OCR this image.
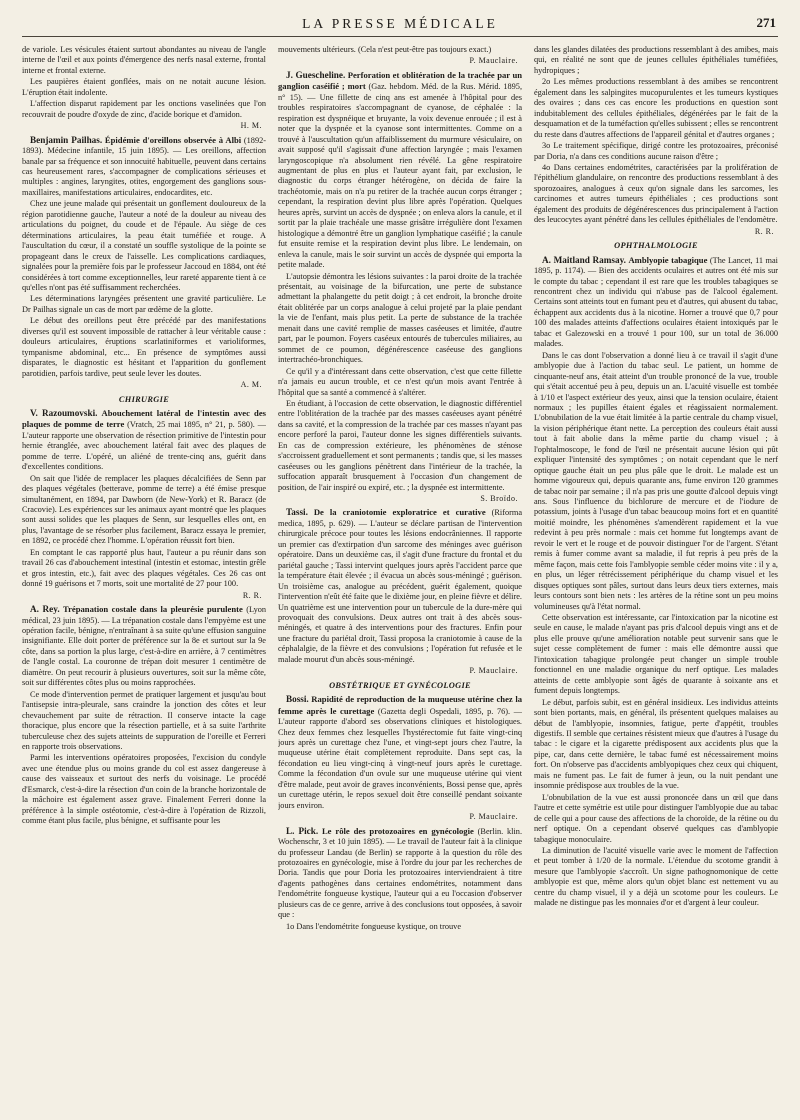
LA PRESSE MÉDICALE	271

de variole. Les vésicules étaient surtout abondantes au niveau de l'angle interne de l'œil et aux points d'émergence des nerfs nasal externe, frontal interne et frontal externe.

Les paupières étaient gonflées, mais on ne notait aucune lésion. L'éruption était indolente.

L'affection disparut rapidement par les onctions vaselinées que l'on recouvrait de poudre d'oxyde de zinc, d'acide borique et d'amidon.

H. M.

Benjamin Pailhas. Épidémie d'oreillons observée à Albi (1892-1893). Médecine infantile, 15 juin 1895). — Les oreillons, affection banale par sa fréquence et son innocuité habituelle, peuvent dans certains cas heureusement rares, s'accompagner de complications sérieuses et multiples : angines, laryngites, otites, engorgement des ganglions sous-maxillaires, manifestations articulaires, endocardites, etc.

Chez une jeune malade qui présentait un gonflement douloureux de la région parotidienne gauche, l'auteur a noté de la douleur au niveau des articulations du poignet, du coude et de l'épaule. Au siège de ces déterminations articulaires, la peau était tuméfiée et rouge. A l'auscultation du cœur, il a constaté un souffle systolique de la pointe se propageant dans le creux de l'aisselle. Les complications cardiaques, signalées pour la première fois par le professeur Jaccoud en 1884, ont été considérées à tort comme exceptionnelles, leur rareté apparente tient à ce qu'elles n'ont pas été suffisamment recherchées.

Les déterminations laryngées présentent une gravité particulière. Le Dr Pailhas signale un cas de mort par œdème de la glotte.

Le début des oreillons peut être précédé par des manifestations diverses qu'il est souvent impossible de rattacher à leur véritable cause : douleurs articulaires, éruptions scarlatiniformes et varioliformes, tympanisme abdominal, etc... En présence de symptômes aussi disparates, le diagnostic est hésitant et l'apparition du gonflement parotidien, parfois tardive, peut seule lever les doutes.

A. M.
CHIRURGIE

V. Razoumovski. Abouchement latéral de l'intestin avec des plaques de pomme de terre (Vratch, 25 mai 1895, n° 21, p. 580). — L'auteur rapporte une observation de résection primitive de l'intestin pour hernie étranglée, avec abouchement latéral fait avec des plaques de pomme de terre. L'opéré, un aliéné de trente-cinq ans, guérit dans d'excellentes conditions.

On sait que l'idée de remplacer les plaques décalcifiées de Senn par des plaques végétales (betterave, pomme de terre) a été émise presque simultanément, en 1894, par Dawborn (de New-York) et R. Baracz (de Cracovie). Les expériences sur les animaux ayant montré que les plaques sont aussi solides que les plaques de Senn, sur lesquelles elles ont, en plus, l'avantage de se résorber plus facilement, Baracz essaya le premier, en 1892, ce procédé chez l'homme. L'opération réussit fort bien.

En comptant le cas rapporté plus haut, l'auteur a pu réunir dans son travail 26 cas d'abouchement intestinal (intestin et estomac, intestin grêle et gros intestin, etc.), fait avec des plaques végétales. Ces 26 cas ont donné 19 guérisons et 7 morts, soit une mortalité de 27 pour 100.

R. R.

A. Rey. Trépanation costale dans la pleurésie purulente (Lyon médical, 23 juin 1895). — La trépanation costale dans l'empyème est une opération facile, bénigne, n'entraînant à sa suite qu'une effusion sanguine insignifiante. Elle doit porter de préférence sur la 8e et surtout sur la 9e côte, dans sa portion la plus large, c'est-à-dire en arrière, à 7 centimètres de l'angle costal. La couronne de trépan doit mesurer 1 centimètre de diamètre. On peut recourir à plusieurs ouvertures, soit sur la même côte, soit sur différentes côtes plus ou moins rapprochées.

Ce mode d'intervention permet de pratiquer largement et jusqu'au bout l'antisepsie intra-pleurale, sans craindre la jonction des côtes et leur chevauchement par suite de rétraction. Il conserve intacte la cage thoracique, plus encore que la résection partielle, et à sa suite l'arthrite tuberculeuse chez des sujets atteints de suppuration de l'oreille et Ferreri en rapporte trois observations.

Parmi les interventions opératoires proposées, l'excision du condyle avec une étendue plus ou moins grande du col est assez dangereuse à cause des vaisseaux et surtout des nerfs du voisinage. Le procédé d'Esmarck, c'est-à-dire la résection d'un coin de la branche horizontale de la mâchoire est également assez grave. Finalement Ferreri donne la préférence à la simple ostéotomie, c'est-à-dire à l'opération de Rizzoli, comme étant plus facile, plus bénigne, et suffisante pour les

mouvements ultérieurs. (Cela n'est peut-être pas toujours exact.)

P. Mauclaire.

J. Guescheline. Perforation et oblitération de la trachée par un ganglion caséifié ; mort (Gaz. hebdom. Méd. de la Rus. Mérid. 1895, n° 15). — Une fillette de cinq ans est amenée à l'hôpital pour des troubles respiratoires s'accompagnant de cyanose, de céphalée : la respiration est dyspnéique et bruyante, la voix devenue enrouée ; il est à noter que la dyspnée et la cyanose sont intermittentes. Comme on a trouvé à l'auscultation qu'un affaiblissement du murmure vésiculaire, on avait supposé qu'il s'agissait d'une affection laryngée ; mais l'examen laryngoscopique n'a absolument rien révélé. La gêne respiratoire augmentant de plus en plus et l'auteur ayant fait, par exclusion, le diagnostic du corps étranger hétérogène, on décida de faire la trachéotomie, mais on n'a pu retirer de la trachée aucun corps étranger ; cependant, la respiration devint plus libre après l'opération. Quelques heures après, survint un accès de dyspnée ; on enleva alors la canule, et il sortit par la plaie trachéale une masse grisâtre irrégulière dont l'examen histologique a démontré être un ganglion lymphatique caséifié ; la canule fut ensuite remise et la respiration devint plus libre. Le lendemain, on enleva la canule, mais le soir survint un accès de dyspnée qui emporta la petite malade.

L'autopsie démontra les lésions suivantes : la paroi droite de la trachée présentait, au voisinage de la bifurcation, une perte de substance admettant la phalangette du petit doigt ; à cet endroit, la bronche droite était oblitérée par un corps analogue à celui projeté par la plaie pendant la vie de l'enfant, mais plus petit. La perte de substance de la trachée menait dans une cavité remplie de masses caséeuses et limitée, d'autre part, par le poumon. Foyers caséeux entourés de tubercules miliaires, au sommet de ce poumon, dégénérescence caséeuse des ganglions intertrachéo-bronchiques.

Ce qu'il y a d'intéressant dans cette observation, c'est que cette fillette n'a jamais eu aucun trouble, et ce n'est qu'un mois avant l'entrée à l'hôpital que sa santé a commencé à s'altérer.

En étudiant, à l'occasion de cette observation, le diagnostic différentiel entre l'oblitération de la trachée par des masses caséeuses ayant pénétré dans sa cavité, et la compression de la trachée par ces masses n'ayant pas encore perforé la paroi, l'auteur donne les signes différentiels suivants. En cas de compression extérieure, les phénomènes de sténose s'accroissent graduellement et sont permanents ; tandis que, si les masses caséeuses ou les ganglions pénètrent dans l'intérieur de la trachée, la suffocation apparaît brusquement à l'occasion d'un changement de position, de l'air inspiré ou expiré, etc. ; la dyspnée est intermittente.

S. Broïdo.

Tassi. De la craniotomie exploratrice et curative (Riforma medica, 1895, p. 629). — L'auteur se déclare partisan de l'intervention chirurgicale précoce pour toutes les lésions endocrâniennes. Il rapporte un premier cas d'extirpation d'un sarcome des méninges avec guérison opératoire. Dans un deuxième cas, il s'agit d'une fracture du frontal et du pariétal gauche ; Tassi intervint quelques jours après l'accident parce que la température était élevée ; il évacua un abcès sous-méningé ; guérison. Un troisième cas, analogue au précédent, guérit également, quoique l'intervention n'eût été faite que le dixième jour, en pleine fièvre et délire. Un quatrième est une intervention pour un tubercule de la dure-mère qui provoquait des convulsions. Deux autres ont trait à des abcès sous-méningés, et quatre à des interventions pour des fractures. Enfin pour une fracture du pariétal droit, Tassi proposa la craniotomie à cause de la céphalalgie, de la fièvre et des convulsions ; l'opération fut refusée et le malade mourut d'un abcès sous-méningé.

P. Mauclaire.
OBSTÉTRIQUE ET GYNÉCOLOGIE

Bossi. Rapidité de reproduction de la muqueuse utérine chez la femme après le curettage (Gazetta degli Ospedali, 1895, p. 76). — L'auteur rapporte d'abord ses observations cliniques et histologiques. Chez deux femmes chez lesquelles l'hystérectomie fut faite vingt-cinq jours après un curettage chez l'une, et vingt-sept jours chez l'autre, la muqueuse utérine était complètement reproduite. Dans sept cas, la fécondation eu lieu vingt-cinq à vingt-neuf jours après le curettage. Comme la fécondation d'un ovule sur une muqueuse utérine qui vient d'être malade, peut avoir de graves inconvénients, Bossi pense que, après un curettage utérin, le repos sexuel doit être conseillé pendant soixante jours environ.

P. Mauclaire.

L. Pick. Le rôle des protozoaires en gynécologie (Berlin. klin. Wochenschr, 3 et 10 juin 1895). — Le travail de l'auteur fait à la clinique du professeur Landau (de Berlin) se rapporte à la question du rôle des protozoaires en gynécologie, mise à l'ordre du jour par les recherches de Doria. Tandis que pour Doria les protozoaires interviendraient à titre d'agents pathogènes dans certaines endométrites, notamment dans l'endométrite fongueuse kystique, l'auteur qui a eu l'occasion d'observer plusieurs cas de ce genre, arrive à des conclusions tout opposées, à savoir que :

1o Dans l'endométrite fongueuse kystique, on trouve

dans les glandes dilatées des productions ressemblant à des amibes, mais qui, en réalité ne sont que de jeunes cellules épithéliales tuméfiées, hydropiques ;

2o Les mêmes productions ressemblant à des amibes se rencontrent également dans les salpingites mucopurulentes et les tumeurs kystiques des ovaires ; dans ces cas encore les productions en question sont indubitablement des cellules épithéliales, dégénérées par le fait de la desquamation et de la tuméfaction qu'elles subissent ; elles se rencontrent du reste dans d'autres affections de l'appareil génital et d'autres organes ;

3o Le traitement spécifique, dirigé contre les protozoaires, préconisé par Doria, n'a dans ces conditions aucune raison d'être ;

4o Dans certaines endométrites, caractérisées par la prolifération de l'épithélium glandulaire, on rencontre des productions ressemblant à des sporozoaires, analogues à ceux qu'on signale dans les sarcomes, les carcinomes et autres tumeurs épithéliales ; ces productions sont également des produits de dégénérescences dus principalement à l'action des leucocytes ayant pénétré dans les cellules épithéliales de l'endomètre.

R. R.
OPHTHALMOLOGIE

A. Maitland Ramsay. Amblyopie tabagique (The Lancet, 11 mai 1895, p. 1174). — Bien des accidents oculaires et autres ont été mis sur le compte du tabac ; cependant il est rare que les troubles tabagiques se rencontrent chez un individu qui n'abuse pas de l'alcool également. Certains sont atteints tout en fumant peu et d'autres, qui abusent du tabac, échappent aux accidents dus à la nicotine. Horner a trouvé que 0,7 pour 100 des malades atteints d'affections oculaires étaient intoxiqués par le tabac et Galezowski en a trouvé 1 pour 100, sur un total de 36.000 malades.

Dans le cas dont l'observation a donné lieu à ce travail il s'agit d'une amblyopie due à l'action du tabac seul. Le patient, un homme de cinquante-neuf ans, était atteint d'un trouble prononcé de la vue, trouble qui s'était accentué peu à peu, depuis un an. L'acuité visuelle est tombée à 1/10 et l'aspect extérieur des yeux, ainsi que la tension oculaire, étaient normaux ; les pupilles étaient égales et réagissaient normalement. L'obnubilation de la vue était limitée à la partie centrale du champ visuel, la vision périphérique étant nette. La perception des couleurs était aussi tout à fait abolie dans la même partie du champ visuel ; à l'ophtalmoscope, le fond de l'œil ne présentait aucune lésion qui pût expliquer l'intensité des symptômes ; on notait cependant que le nerf optique gauche était un peu plus pâle que le droit. Le malade est un homme vigoureux qui, depuis quarante ans, fume environ 120 grammes de tabac noir par semaine ; il n'a pas pris une goutte d'alcool depuis vingt ans. Sous l'influence du bichlorure de mercure et de l'iodure de potassium, joints à l'usage d'un tabac beaucoup moins fort et en quantité moitié moindre, les phénomènes s'amendèrent rapidement et la vue redevint à peu près normale : mais cet homme fut longtemps avant de revoir le vert et le rouge et de pouvoir distinguer l'or de l'argent. S'étant remis à fumer comme avant sa maladie, il fut repris à peu près de la même façon, mais cette fois l'amblyopie semble céder moins vite : il y a, en plus, un léger rétrécissement périphérique du champ visuel et les disques optiques sont pâles, surtout dans leurs deux tiers externes, mais leurs contours sont bien nets : les artères de la rétine sont un peu moins volumineuses qu'à l'état normal.

Cette observation est intéressante, car l'intoxication par la nicotine est seule en cause, le malade n'ayant pas pris d'alcool depuis vingt ans et de plus elle prouve qu'une amélioration notable peut survenir sans que le sujet cesse complètement de fumer : mais elle démontre aussi que l'intoxication tabagique prolongée peut changer un simple trouble fonctionnel en une maladie organique du nerf optique. Les malades atteints de cette amblyopie sont âgés de quarante à soixante ans et fument depuis longtemps.

Le début, parfois subit, est en général insidieux. Les individus atteints sont bien portants, mais, en général, ils présentent quelques malaises au début de l'amblyopie, insomnies, fatigue, perte d'appétit, troubles digestifs. Il semble que certaines résistent mieux que d'autres à l'usage du tabac : le cigare et la cigarette prédisposent aux accidents plus que la pipe, car, dans cette dernière, le tabac fumé est nécessairement moins fort. On n'observe pas d'accidents amblyopiques chez ceux qui chiquent, mais ne fument pas. Le fait de fumer à jeun, ou la nuit pendant une insomnie prédispose aux troubles de la vue.

L'obnubilation de la vue est aussi prononcée dans un œil que dans l'autre et cette symétrie est utile pour distinguer l'amblyopie due au tabac de celle qui a pour cause des affections de la choroïde, de la rétine ou du nerf optique. On a cependant observé quelques cas d'amblyopie tabagique monoculaire.

La diminution de l'acuité visuelle varie avec le moment de l'affection et peut tomber à 1/20 de la normale. L'étendue du scotome grandit à mesure que l'amblyopie s'accroît. Un signe pathognomonique de cette amblyopie est que, même alors qu'un objet blanc est nettement vu au centre du champ visuel, il y a déjà un scotome pour les couleurs. Le malade ne distingue pas les monnaies d'or et d'argent à leur couleur.
